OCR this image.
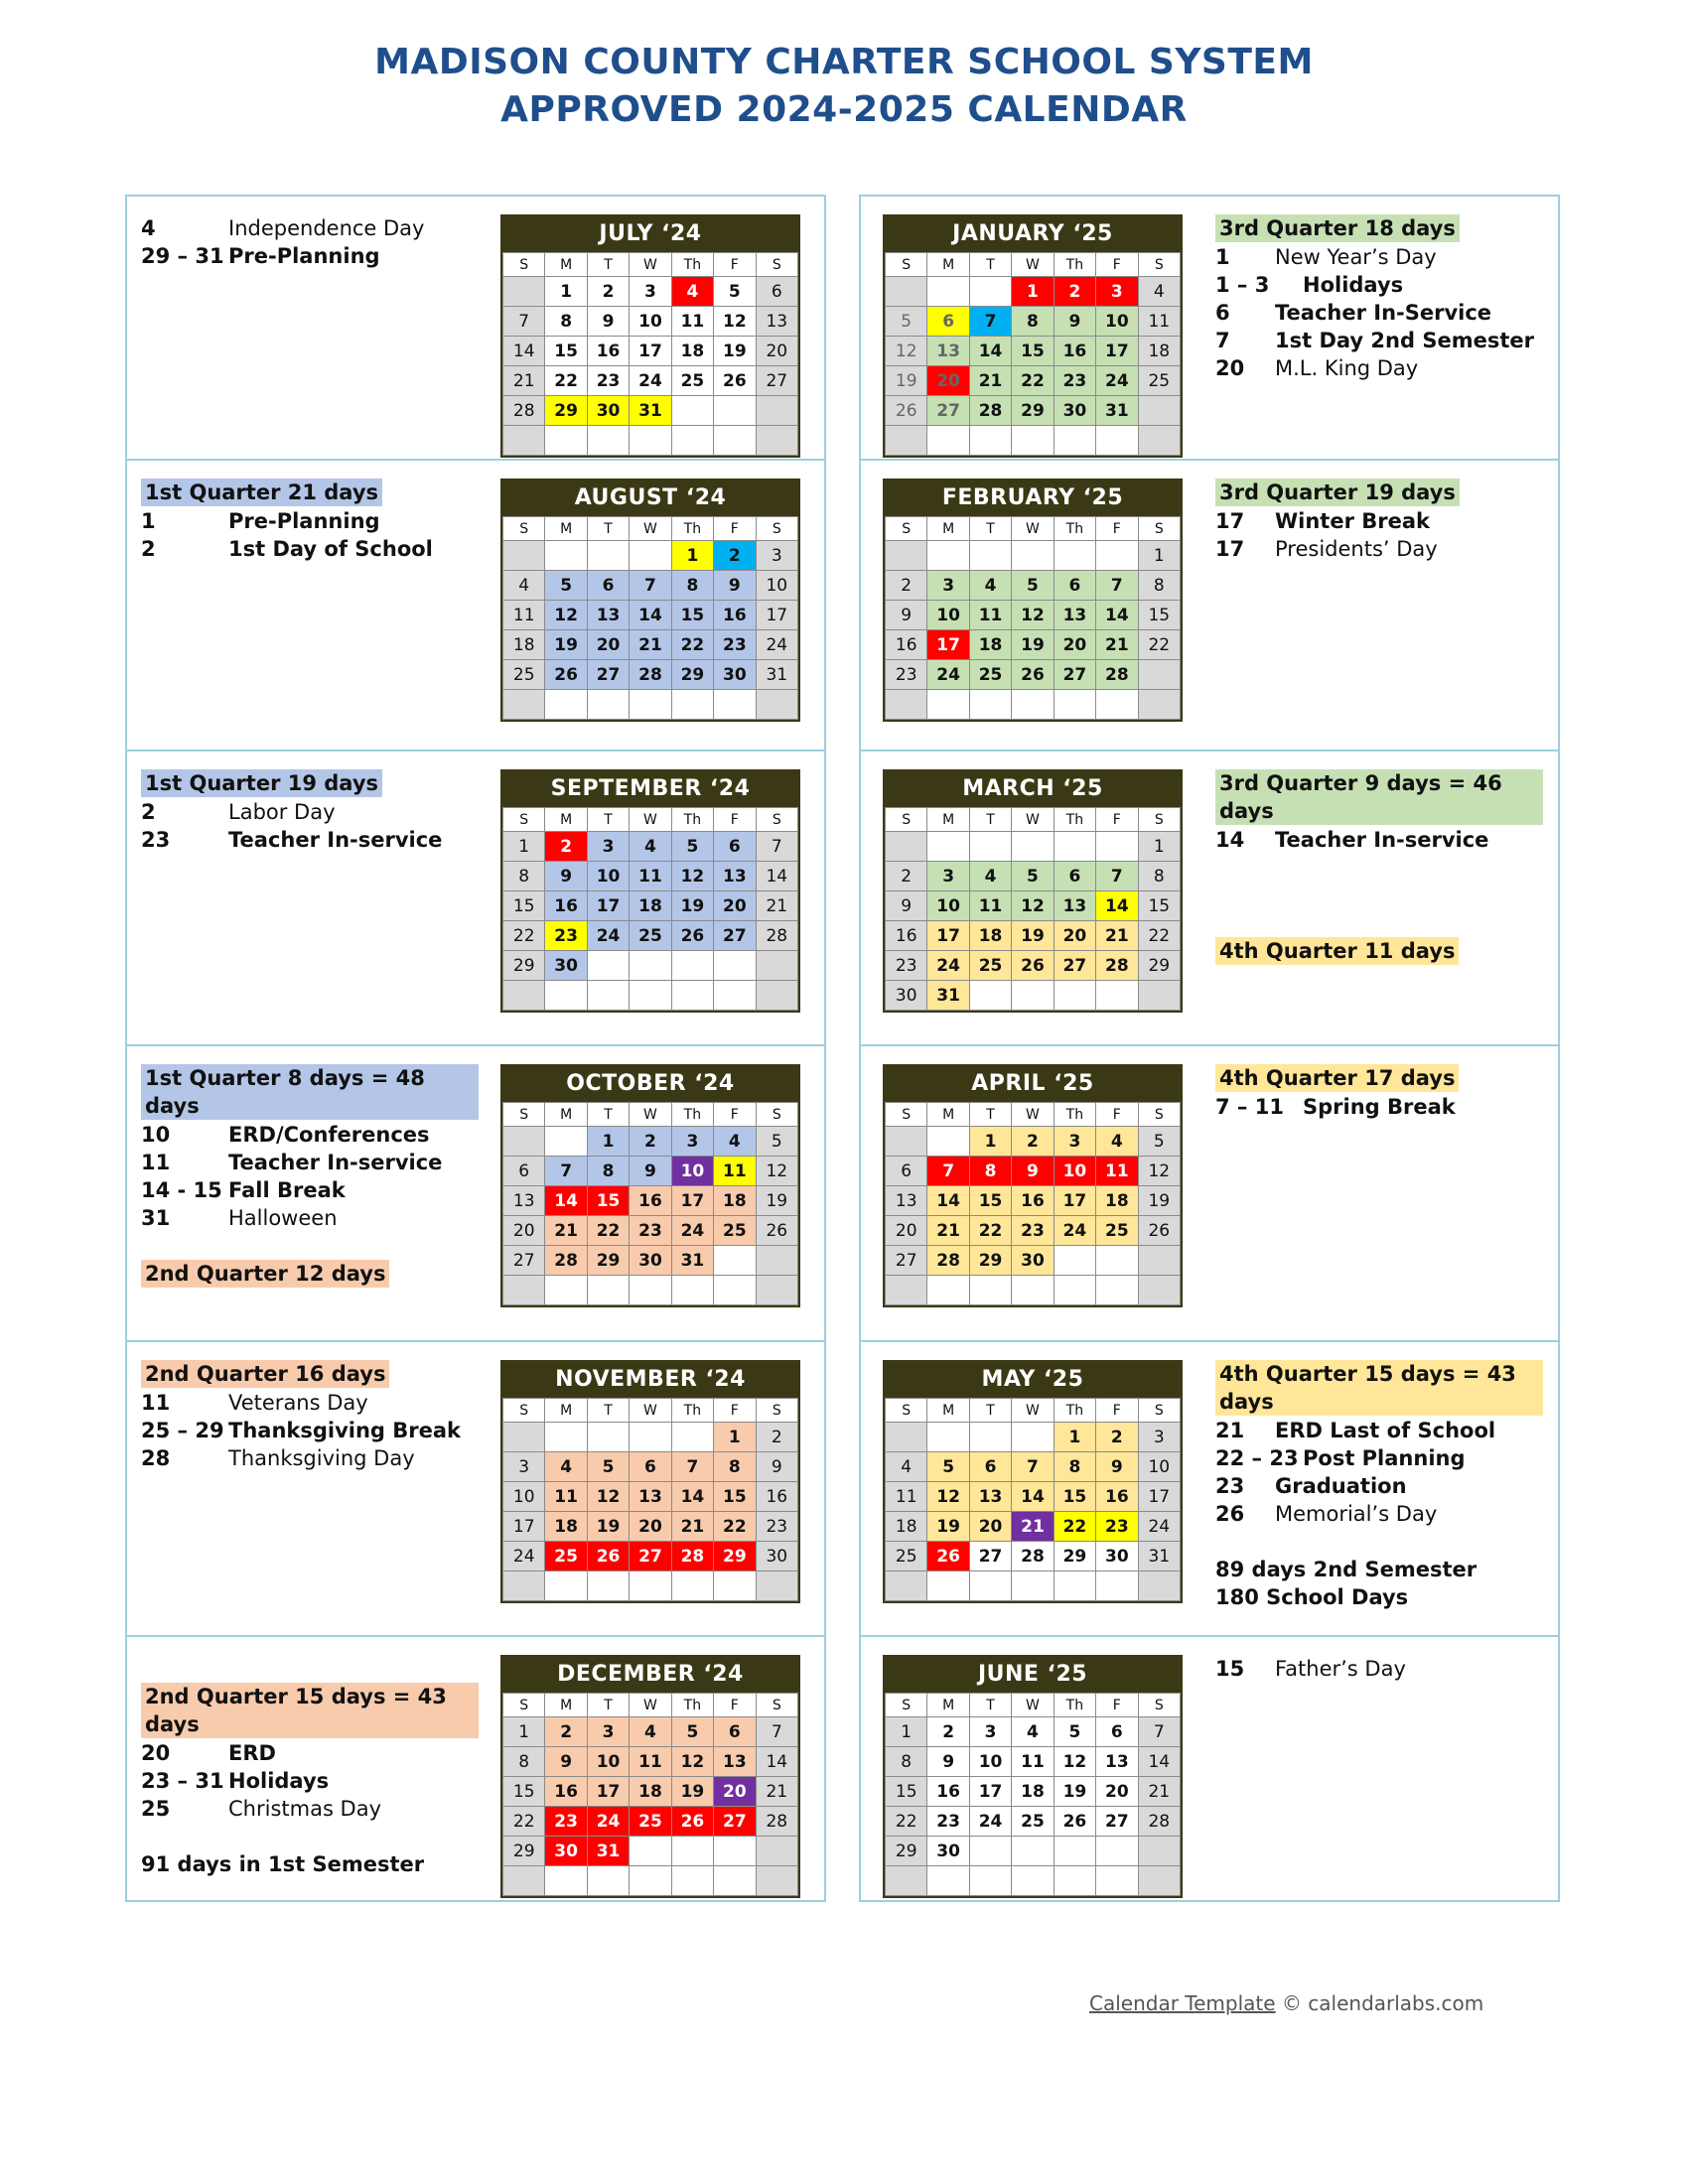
MADISON COUNTY CHARTER SCHOOL SYSTEM
APPROVED 2024-2025 CALENDAR
JULY ‘24
S	M	T	W	Th	F	S
	1	2	3	4	5	6
7	8	9	10	11	12	13
14	15	16	17	18	19	20
21	22	23	24	25	26	27
28	29	30	31			

4	Independence Day
29 – 31 Pre-Planning
AUGUST ‘24
S	M	T	W	Th	F	S
				1	2	3
4	5	6	7	8	9	10
11	12	13	14	15	16	17
18	19	20	21	22	23	24
25	26	27	28	29	30	31

1st Quarter 21 days
1	Pre-Planning
2	1st Day of School
SEPTEMBER ‘24
S	M	T	W	Th	F	S
1	2	3	4	5	6	7
8	9	10	11	12	13	14
15	16	17	18	19	20	21
22	23	24	25	26	27	28
29	30					

1st Quarter 19 days
2	Labor Day
23	Teacher In-service
OCTOBER ‘24
S	M	T	W	Th	F	S
		1	2	3	4	5
6	7	8	9	10	11	12
13	14	15	16	17	18	19
20	21	22	23	24	25	26
27	28	29	30	31		

1st Quarter 8 days = 48 days
10	ERD/Conferences
11	Teacher In-service
14 - 15 Fall Break
31	Halloween
2nd Quarter 12 days
NOVEMBER ‘24
S	M	T	W	Th	F	S
					1	2
3	4	5	6	7	8	9
10	11	12	13	14	15	16
17	18	19	20	21	22	23
24	25	26	27	28	29	30

2nd Quarter 16 days
11	Veterans Day
25 – 29 Thanksgiving Break
28	Thanksgiving Day
DECEMBER ‘24
S	M	T	W	Th	F	S
1	2	3	4	5	6	7
8	9	10	11	12	13	14
15	16	17	18	19	20	21
22	23	24	25	26	27	28
29	30	31				

2nd Quarter 15 days = 43 days
20	ERD
23 – 31 Holidays
25	Christmas Day
91 days in 1st Semester
JANUARY ‘25
S	M	T	W	Th	F	S
			1	2	3	4
5	6	7	8	9	10	11
12	13	14	15	16	17	18
19	20	21	22	23	24	25
26	27	28	29	30	31	

3rd Quarter 18 days
1	New Year’s Day
1 – 3	Holidays
6	Teacher In-Service
7	1st Day 2nd Semester
20	M.L. King Day
FEBRUARY ‘25
S	M	T	W	Th	F	S
						1
2	3	4	5	6	7	8
9	10	11	12	13	14	15
16	17	18	19	20	21	22
23	24	25	26	27	28	

3rd Quarter 19 days
17	Winter Break
17	Presidents’ Day
MARCH ‘25
S	M	T	W	Th	F	S
						1
2	3	4	5	6	7	8
9	10	11	12	13	14	15
16	17	18	19	20	21	22
23	24	25	26	27	28	29
30	31					
3rd Quarter 9 days = 46 days
14	Teacher In-service
4th Quarter 11 days
APRIL ‘25
S	M	T	W	Th	F	S
		1	2	3	4	5
6	7	8	9	10	11	12
13	14	15	16	17	18	19
20	21	22	23	24	25	26
27	28	29	30			

4th Quarter 17 days
7 – 11 Spring Break
MAY ‘25
S	M	T	W	Th	F	S
				1	2	3
4	5	6	7	8	9	10
11	12	13	14	15	16	17
18	19	20	21	22	23	24
25	26	27	28	29	30	31

4th Quarter 15 days = 43 days
21	ERD Last of School
22 – 23 Post Planning
23	Graduation
26	Memorial’s Day
89 days 2nd Semester
180 School Days
JUNE ‘25
S	M	T	W	Th	F	S
1	2	3	4	5	6	7
8	9	10	11	12	13	14
15	16	17	18	19	20	21
22	23	24	25	26	27	28
29	30					

15	Father’s Day
Calendar Template © calendarlabs.com
